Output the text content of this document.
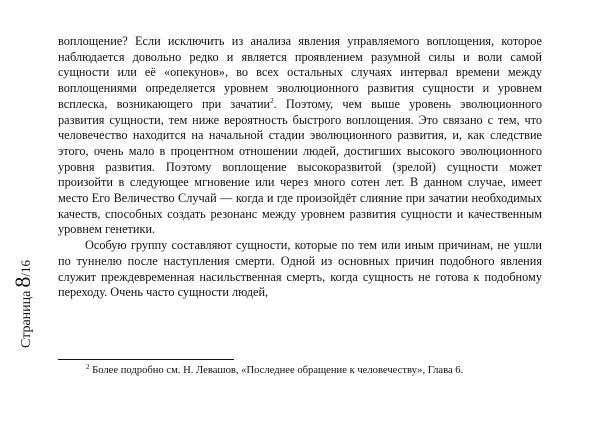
Страница8/16

воплощение? Если исключить из анализа явления управляемого воплощения, которое наблюдается довольно редко и является проявлением разумной силы и воли самой сущности или её «опекунов», во всех остальных случаях интервал времени между воплощениями определяется уровнем эволюционного развития сущности и уровнем всплеска, возникающего при зачатии$^2$. Поэтому, чем выше уровень эволюционного развития сущности, тем ниже вероятность быстрого воплощения. Это связано с тем, что человечество находится на начальной стадии эволюционного развития, и, как следствие этого, очень мало в процентном отношении людей, достигших высокого эволюционного уровня развития. Поэтому воплощение высокоразвитой (зрелой) сущности может произойти в следующее мгновение или через много сотен лет. В данном случае, имеет место Его Величество Случай — когда и где произойдёт слияние при зачатии необходимых качеств, способных создать резонанс между уровнем развития сущности и качественным уровнем генетики.

Особую группу составляют сущности, которые по тем или иным причинам, не ушли по туннелю после наступления смерти. Одной из основных причин подобного явления служит преждевременная насильственная смерть, когда сущность не готова к подобному переходу. Очень часто сущности людей,

$^2$ Более подробно см. Н. Левашов, «Последнее обращение к человечеству», Глава 6.
